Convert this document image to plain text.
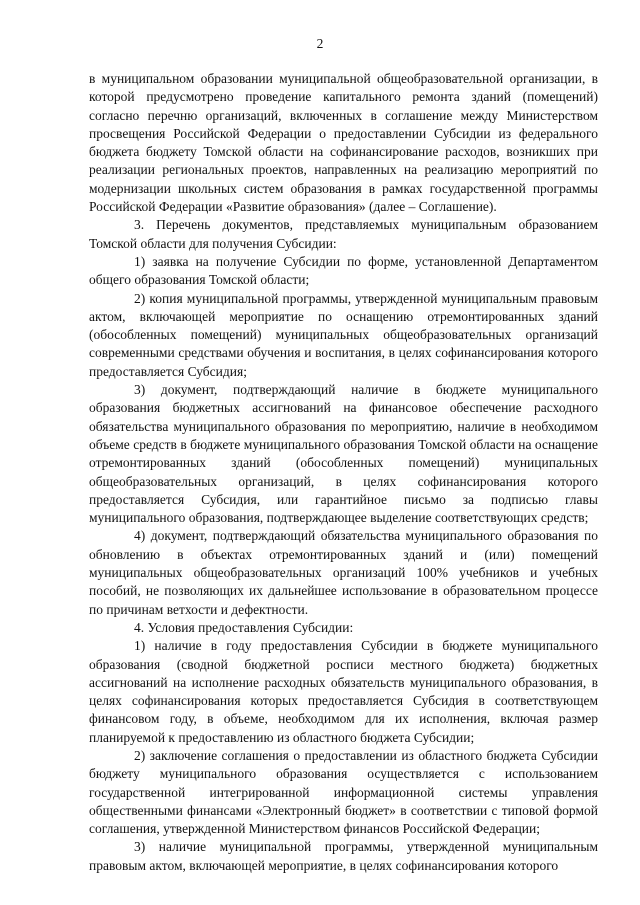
2

в муниципальном образовании муниципальной общеобразовательной организации, в которой предусмотрено проведение капитального ремонта зданий (помещений) согласно перечню организаций, включенных в соглашение между Министерством просвещения Российской Федерации о предоставлении Субсидии из федерального бюджета бюджету Томской области на софинансирование расходов, возникших при реализации региональных проектов, направленных на реализацию мероприятий по модернизации школьных систем образования в рамках государственной программы Российской Федерации «Развитие образования» (далее – Соглашение).

3. Перечень документов, представляемых муниципальным образованием Томской области для получения Субсидии:

1) заявка на получение Субсидии по форме, установленной Департаментом общего образования Томской области;

2) копия муниципальной программы, утвержденной муниципальным правовым актом, включающей мероприятие по оснащению отремонтированных зданий (обособленных помещений) муниципальных общеобразовательных организаций современными средствами обучения и воспитания, в целях софинансирования которого предоставляется Субсидия;

3) документ, подтверждающий наличие в бюджете муниципального образования бюджетных ассигнований на финансовое обеспечение расходного обязательства муниципального образования по мероприятию, наличие в необходимом объеме средств в бюджете муниципального образования Томской области на оснащение отремонтированных зданий (обособленных помещений) муниципальных общеобразовательных организаций, в целях софинансирования которого предоставляется Субсидия, или гарантийное письмо за подписью главы муниципального образования, подтверждающее выделение соответствующих средств;

4) документ, подтверждающий обязательства муниципального образования по обновлению в объектах отремонтированных зданий и (или) помещений муниципальных общеобразовательных организаций 100% учебников и учебных пособий, не позволяющих их дальнейшее использование в образовательном процессе по причинам ветхости и дефектности.

4. Условия предоставления Субсидии:

1) наличие в году предоставления Субсидии в бюджете муниципального образования (сводной бюджетной росписи местного бюджета) бюджетных ассигнований на исполнение расходных обязательств муниципального образования, в целях софинансирования которых предоставляется Субсидия в соответствующем финансовом году, в объеме, необходимом для их исполнения, включая размер планируемой к предоставлению из областного бюджета Субсидии;

2) заключение соглашения о предоставлении из областного бюджета Субсидии бюджету муниципального образования осуществляется с использованием государственной интегрированной информационной системы управления общественными финансами «Электронный бюджет» в соответствии с типовой формой соглашения, утвержденной Министерством финансов Российской Федерации;

3) наличие муниципальной программы, утвержденной муниципальным правовым актом, включающей мероприятие, в целях софинансирования которого
